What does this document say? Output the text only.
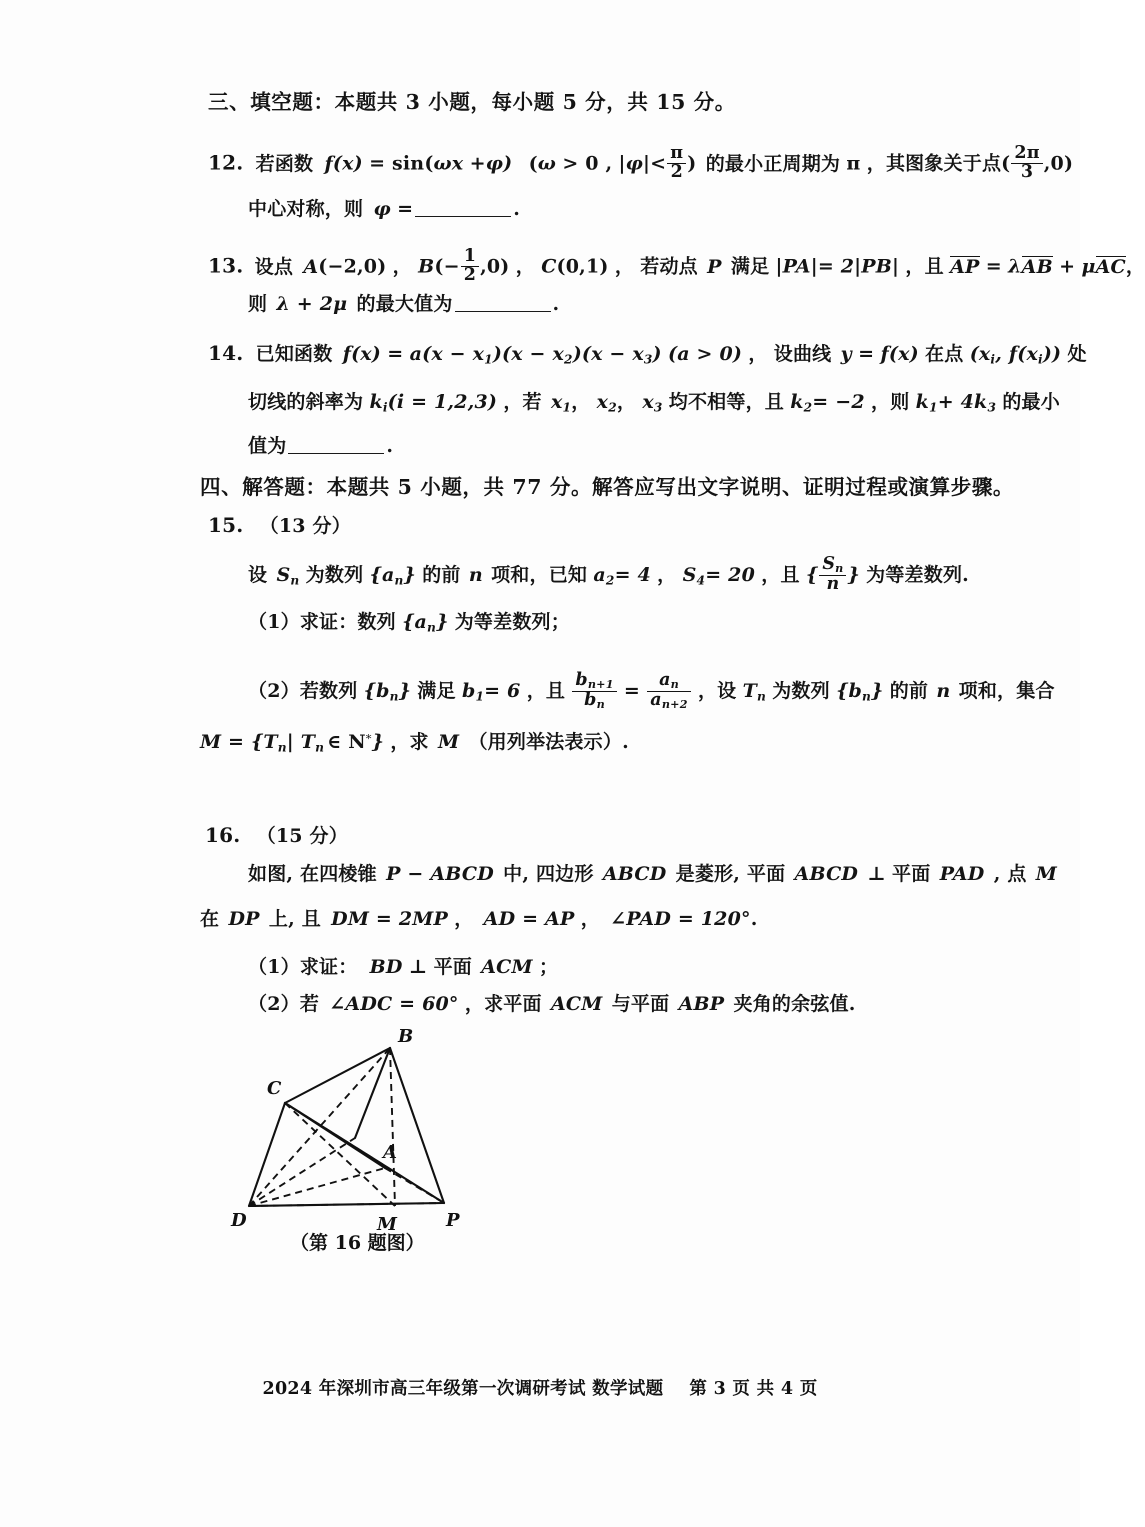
三、填空题：本题共 3 小题，每小题 5 分，共 15 分。
12. 若函数 f(x) = sin(ωx +φ) (ω > 0 , $|\varphi|< \frac{\pi}{2}$ ) 的最小正周期为 π ，其图象关于点( $\frac{2\pi}{3} ,0$)
中心对称，则 φ =	.
13. 设点 A(−2,0) ， $B(- \frac{1}{2} ,0)$ ， C(0,1) ， 若动点 P 满足 |PA|= 2|PB| ，且 AP = λAB + μAC，
则 λ + 2μ 的最大值为	.
14. 已知函数 $f(x) = a(x - x_1)(x - x_2)(x - x_3)$ (a > 0) ， 设曲线 y = f(x) 在点 ($x_i$, $f(x_i)$) 处
切线的斜率为 $k_i(i = 1,2,3)$ ，若 $x_1$， $x_2$， $x_3$ 均不相等，且 $k_2= -2$ ，则 $k_1+ 4k_3$ 的最小
值为	.
四、解答题：本题共 5 小题，共 77 分。解答应写出文字说明、证明过程或演算步骤。
15. （13 分）
设 $S_n$ 为数列 $\{a_n\}$ 的前 n 项和，已知 $a_2= 4$ ， $S_4= 20$ ，且 { $\frac{S_n}{n}$ } 为等差数列.
（1）求证：数列 $\{a_n\}$ 为等差数列；
（2）若数列 $\{b_n\}$ 满足 $b_1= 6$ ，且 $\frac{b_{n+1}}{b_n} = \frac{a_n}{a_{n+2}}$ ，设 $T_n$ 为数列 $\{b_n\}$ 的前 n 项和，集合
$M = \{T_n|$ $T_n$ ∈ N*} ，求 M （用列举法表示）.
16. （15 分）
如图, 在四棱锥 P − ABCD 中, 四边形 ABCD 是菱形, 平面 ABCD ⊥ 平面 PAD , 点 M
在 DP 上, 且 DM = 2MP ， AD = AP ， ∠PAD = 120°.
（1）求证： BD ⊥ 平面 ACM ；
（2）若 ∠ADC = 60° ，求平面 ACM 与平面 ABP 夹角的余弦值.
B
C
A
D	M	P
（第 16 题图）
2024 年深圳市高三年级第一次调研考试 数学试题 第 3 页 共 4 页
